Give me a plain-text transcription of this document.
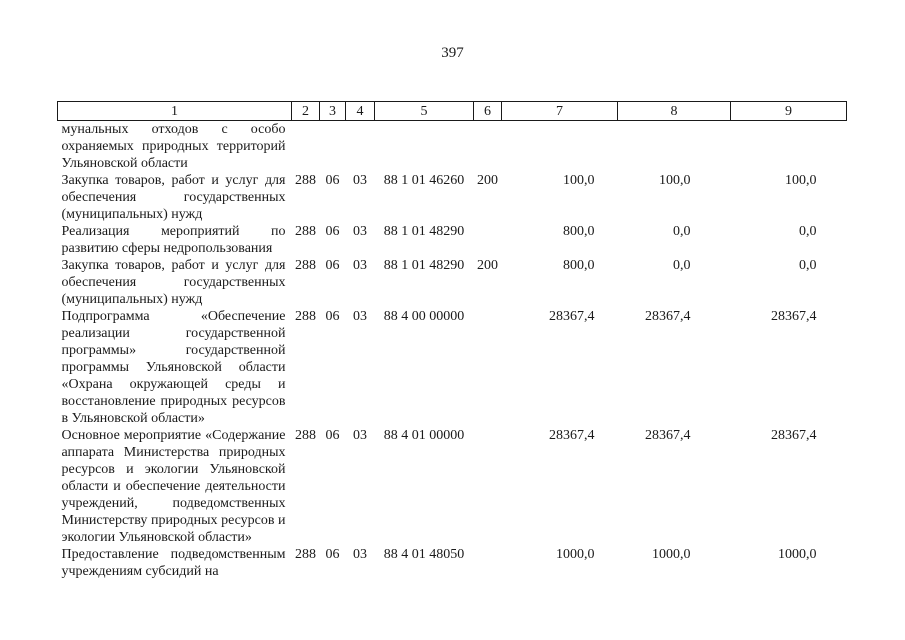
397
1	2	3	4	5	6	7	8	9
мунальных отходов с особо охраняемых природных территорий Ульяновской области								
Закупка товаров, работ и услуг для обеспечения государственных (муниципальных) нужд	288	06	03	88 1 01 46260	200	100,0	100,0	100,0
Реализация мероприятий по развитию сферы недропользования	288	06	03	88 1 01 48290		800,0	0,0	0,0
Закупка товаров, работ и услуг для обеспечения государственных (муниципальных) нужд	288	06	03	88 1 01 48290	200	800,0	0,0	0,0
Подпрограмма «Обеспечение реализации государственной программы» государственной программы Ульяновской области «Охрана окружающей среды и восстановление природных ресурсов в Ульяновской области»	288	06	03	88 4 00 00000		28367,4	28367,4	28367,4
Основное мероприятие «Содержание аппарата Министерства природных ресурсов и экологии Ульяновской области и обеспечение деятельности учреждений, подведомственных Министерству природных ресурсов и экологии Ульяновской области»	288	06	03	88 4 01 00000		28367,4	28367,4	28367,4
Предоставление подведомственным учреждениям субсидий на	288	06	03	88 4 01 48050		1000,0	1000,0	1000,0
